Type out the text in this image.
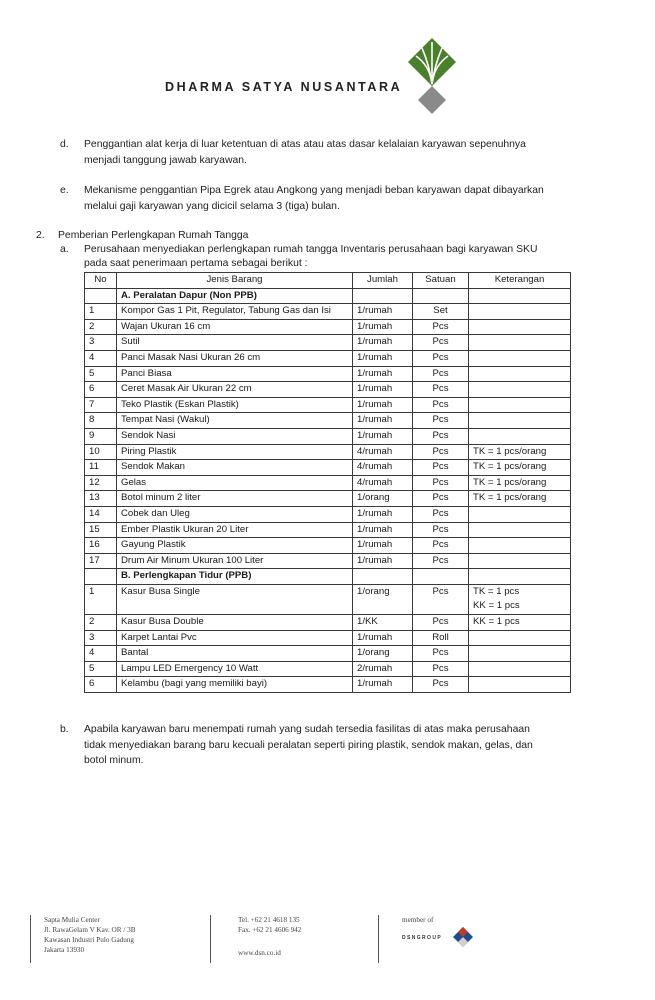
DHARMA SATYA NUSANTARA
d. Penggantian alat kerja di luar ketentuan di atas atau atas dasar kelalaian karyawan sepenuhnya
menjadi tanggung jawab karyawan.
e. Mekanisme penggantian Pipa Egrek atau Angkong yang menjadi beban karyawan dapat dibayarkan
melalui gaji karyawan yang dicicil selama 3 (tiga) bulan.
2. Pemberian Perlengkapan Rumah Tangga
a. Perusahaan menyediakan perlengkapan rumah tangga Inventaris perusahaan bagi karyawan SKU
pada saat penerimaan pertama sebagai berikut :
No	Jenis Barang	Jumlah	Satuan	Keterangan
	A. Peralatan Dapur (Non PPB)			
1	Kompor Gas 1 Pit, Regulator, Tabung Gas dan Isi	1/rumah	Set	

2	Wajan Ukuran 16 cm	1/rumah	Pcs	

3	Sutil	1/rumah	Pcs	

4	Panci Masak Nasi Ukuran 26 cm	1/rumah	Pcs	

5	Panci Biasa	1/rumah	Pcs	

6	Ceret Masak Air Ukuran 22 cm	1/rumah	Pcs	

7	Teko Plastik (Eskan Plastik)	1/rumah	Pcs	

8	Tempat Nasi (Wakul)	1/rumah	Pcs	

9	Sendok Nasi	1/rumah	Pcs	

10	Piring Plastik	4/rumah	Pcs	TK = 1 pcs/orang

11	Sendok Makan	4/rumah	Pcs	TK = 1 pcs/orang

12	Gelas	4/rumah	Pcs	TK = 1 pcs/orang

13	Botol minum 2 liter	1/orang	Pcs	TK = 1 pcs/orang

14	Cobek dan Uleg	1/rumah	Pcs	

15	Ember Plastik Ukuran 20 Liter	1/rumah	Pcs	

16	Gayung Plastik	1/rumah	Pcs	

17	Drum Air Minum Ukuran 100 Liter	1/rumah	Pcs	

	B. Perlengkapan Tidur (PPB)			
1	Kasur Busa Single	1/orang	Pcs	TK = 1 pcs
KK = 1 pcs

2	Kasur Busa Double	1/KK	Pcs	KK = 1 pcs

3	Karpet Lantai Pvc	1/rumah	Roll	

4	Bantal	1/orang	Pcs	

5	Lampu LED Emergency 10 Watt	2/rumah	Pcs	

6	Kelambu (bagi yang memiliki bayi)	1/rumah	Pcs	
b. Apabila karyawan baru menempati rumah yang sudah tersedia fasilitas di atas maka perusahaan
tidak menyediakan barang baru kecuali peralatan seperti piring plastik, sendok makan, gelas, dan
botol minum.
Sapta Mulia Center
Jl. RawaGelam V Kav. OR / 3B
Kawasan Industri Pulo Gadung
Jakarta 13930
Tel. +62 21 4618 135
Fax. +62 21 4606 942
www.dsn.co.id
member of
DSNGROUP
